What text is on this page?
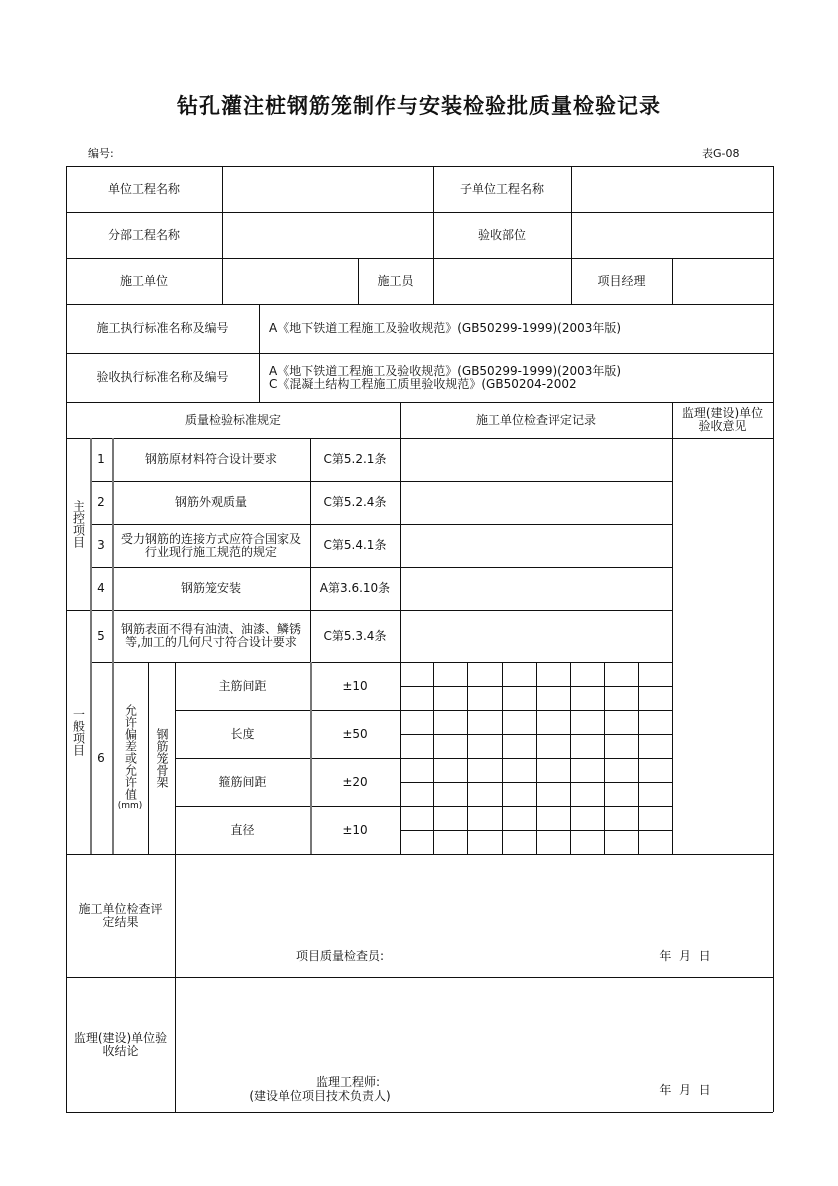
钻孔灌注桩钢筋笼制作与安装检验批质量检验记录
编号:	表G-08
单位工程名称	子单位工程名称
分部工程名称	验收部位
施工单位	施工员	项目经理
施工执行标准名称及编号	A《地下铁道工程施工及验收规范》(GB50299-1999)(2003年版)
验收执行标准名称及编号	A《地下铁道工程施工及验收规范》(GB50299-1999)(2003年版)
C《混凝土结构工程施工质里验收规范》(GB50204-2002
质量检验标准规定	施工单位检查评定记录	监理(建设)单位验收意见
主控项目
1	钢筋原材料符合设计要求	C第5.2.1条
2	钢筋外观质量	C第5.2.4条
3	受力钢筋的连接方式应符合国家及行业现行施工规范的规定	C第5.4.1条
4	钢筋笼安装	A第3.6.10条
一般项目
5	钢筋表面不得有油渍、油漆、鳞锈等,加工的几何尺寸符合设计要求	C第5.3.4条
6	允许偏差或允许值
(mm)
钢筋笼骨架
主筋间距	±10
长度	±50
箍筋间距	±20
直径	±10
施工单位检查评定结果
项目质量检查员:	年  月  日
监理(建设)单位验收结论
监理工程师:
(建设单位项目技术负责人)	年  月  日
